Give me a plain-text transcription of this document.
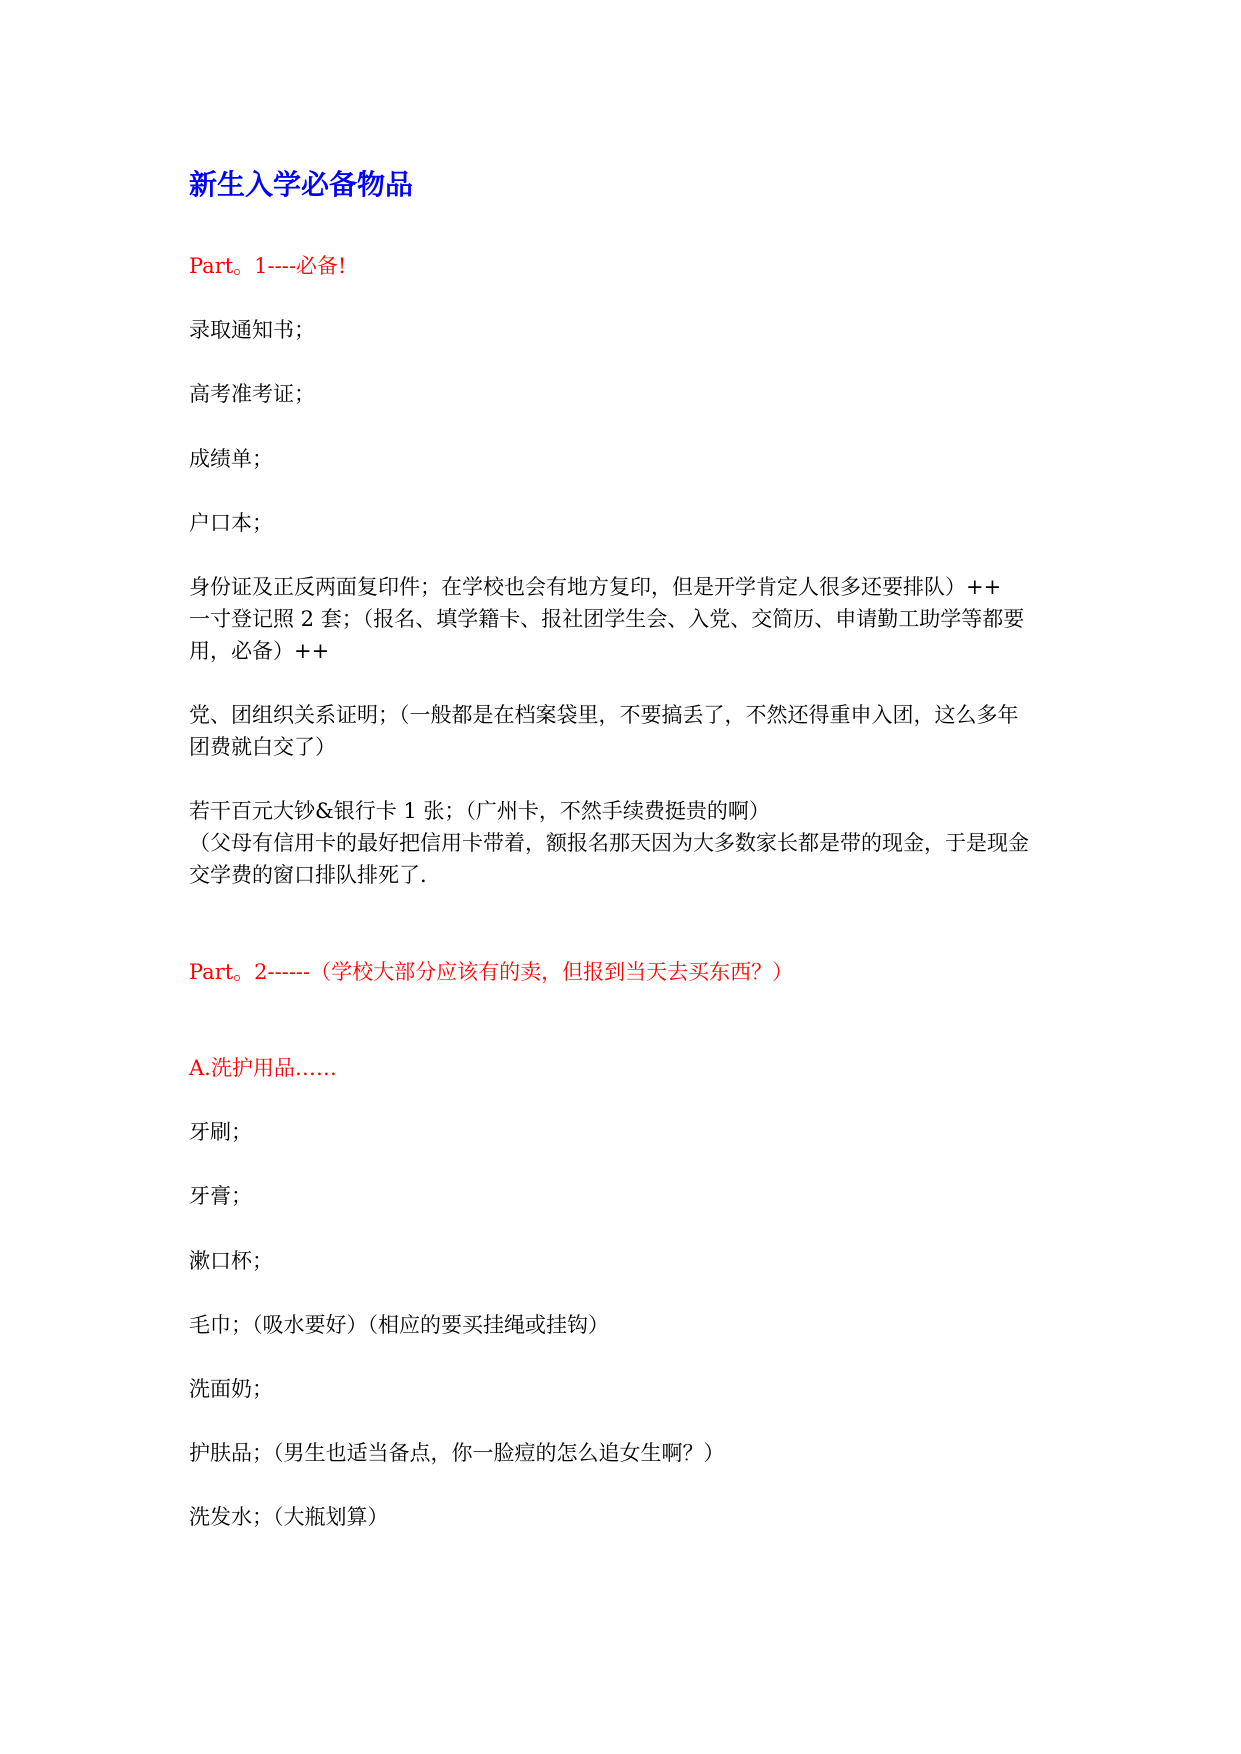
新生入学必备物品
Part。1----必备!
录取通知书；
高考准考证；
成绩单；
户口本；
身份证及正反两面复印件；在学校也会有地方复印，但是开学肯定人很多还要排队）++
一寸登记照 2 套；（报名、填学籍卡、报社团学生会、入党、交简历、申请勤工助学等都要
用，必备）++
党、团组织关系证明；（一般都是在档案袋里，不要搞丢了，不然还得重申入团，这么多年
团费就白交了）
若干百元大钞&银行卡 1 张；（广州卡，不然手续费挺贵的啊）
（父母有信用卡的最好把信用卡带着，额报名那天因为大多数家长都是带的现金，于是现金
交学费的窗口排队排死了.
Part。2------（学校大部分应该有的卖，但报到当天去买东西？）
A.洗护用品……
牙刷；
牙膏；
漱口杯；
毛巾；（吸水要好）（相应的要买挂绳或挂钩）
洗面奶；
护肤品；（男生也适当备点，你一脸痘的怎么追女生啊？）
洗发水；（大瓶划算）
